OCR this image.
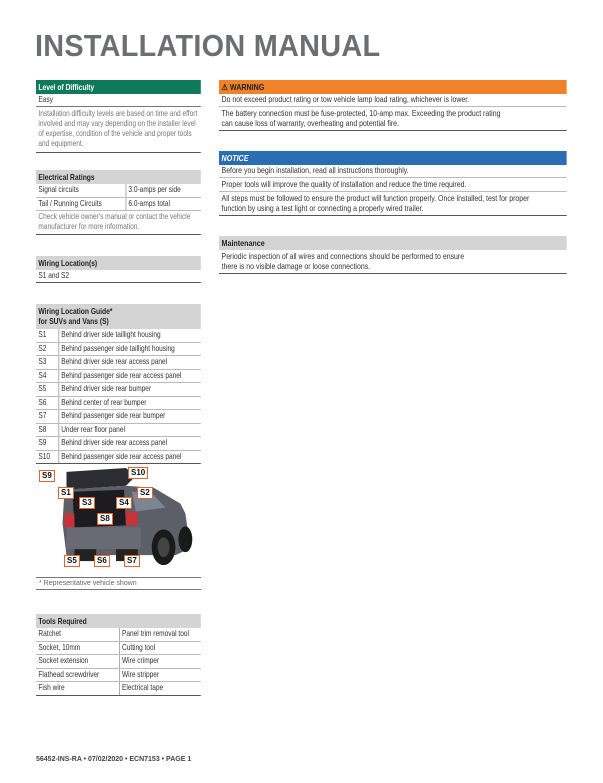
INSTALLATION MANUAL
Level of Difficulty
Easy
Installation difficulty levels are based on time and effort involved and may vary depending on the installer level of expertise, condition of the vehicle and proper tools and equipment.
Electrical Ratings
Signal circuits	3.0-amps per side
Tail / Running Circuits	6.0-amps total
Check vehicle owner's manual or contact the vehicle manufacturer for more information.
Wiring Location(s)
S1 and S2
Wiring Location Guide*
for SUVs and Vans (S)
S1	Behind driver side taillight housing
S2	Behind passenger side taillight housing
S3	Behind driver side rear access panel
S4	Behind passenger side rear access panel
S5	Behind driver side rear bumper
S6	Behind center of rear bumper
S7	Behind passenger side rear bumper
S8	Under rear floor panel
S9	Behind driver side rear access panel
S10	Behind passenger side rear access panel
S9	S10
S1	S2
S3	S4
S8
S5	S6	S7
* Representative vehicle shown
Tools Required
Ratchet	Panel trim removal tool
Socket, 10mm	Cutting tool
Socket extension	Wire crimper
Flathead screwdriver	Wire stripper
Fish wire	Electrical tape
⚠ WARNING
Do not exceed product rating or tow vehicle lamp load rating, whichever is lower.
The battery connection must be fuse-protected, 10-amp max. Exceeding the product rating can cause loss of warranty, overheating and potential fire.
NOTICE
Before you begin installation, read all instructions thoroughly.
Proper tools will improve the quality of installation and reduce the time required.
All steps must be followed to ensure the product will function properly. Once installed, test for proper function by using a test light or connecting a properly wired trailer.
Maintenance
Periodic inspection of all wires and connections should be performed to ensure there is no visible damage or loose connections.
56452-INS-RA • 07/02/2020 • ECN7153 • PAGE 1
